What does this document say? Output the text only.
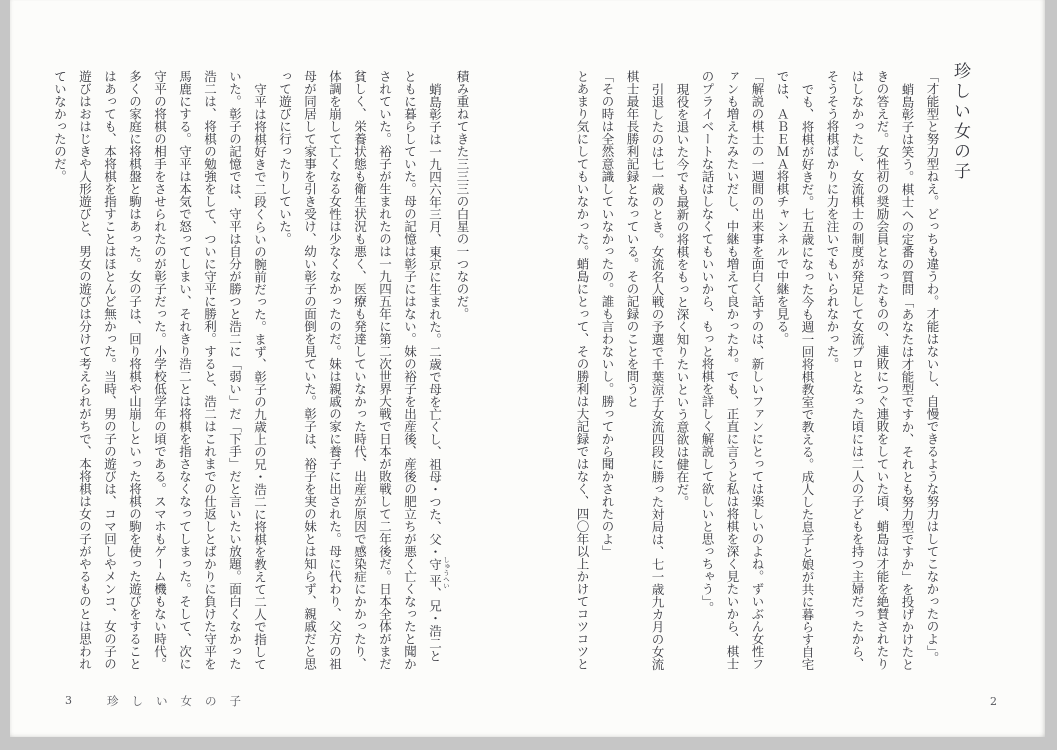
珍しい女の子

「才能型と努力型ねえ。どっちも違うわ。才能はないし、自慢できるような努力はしてこなかったのよ」。

蛸島彰子は笑う。棋士への定番の質問「あなたは才能型ですか、それとも努力型ですか」を投げかけたときの答えだ。女性初の奨励会員となったものの、連敗につぐ連敗をしていた頃、蛸島は才能を絶賛されたりはしなかったし、女流棋士の制度が発足して女流プロとなった頃には二人の子どもを持つ主婦だったから、そうそう将棋ばかりに力を注いでもいられなかった。

でも、将棋が好きだ。七五歳になった今も週一回将棋教室で教える。成人した息子と娘が共に暮らす自宅では、ＡＢＥＭＡ将棋チャンネルで中継を見る。

「解説の棋士の一週間の出来事を面白く話すのは、新しいファンにとっては楽しいのよね。ずいぶん女性ファンも増えたみたいだし、中継も増えて良かったわ。でも、正直に言うと私は将棋を深く見たいから、棋士のプライベートな話はしなくてもいいから、もっと将棋を詳しく解説して欲しいと思っちゃう」。

現役を退いた今でも最新の将棋をもっと深く知りたいという意欲は健在だ。

引退したのは七一歳のとき。女流名人戦の予選で千葉涼子女流四段に勝った対局は、七一歳九カ月の女流棋士最年長勝利記録となっている。その記録のことを問うと

「その時は全然意識していなかったの。誰も言わないし。勝ってから聞かされたのよ」

とあまり気にしてもいなかった。蛸島にとって、その勝利は大記録ではなく、四〇年以上かけてコツコツと

積み重ねてきた三三三の白星の一つなのだ。

蛸島彰子は一九四六年三月、東京に生まれた。二歳で母を亡くし、祖母・つた、父・守平 しゅうへい、兄・浩二とともに暮らしていた。母の記憶は彰子にはない。妹の裕子を出産後、産後の肥立ちが悪く亡くなったと聞かされていた。裕子が生まれたのは一九四五年に第二次世界大戦で日本が敗戦して二年後だ。日本全体がまだ貧しく、栄養状態も衛生状況も悪く、医療も発達していなかった時代、出産が原因で感染症にかかったり、体調を崩して亡くなる女性は少なくなかったのだ。妹は親戚の家に養子に出された。母に代わり、父方の祖母が同居して家事を引き受け、幼い彰子の面倒を見ていた。彰子は、裕子を実の妹とは知らず、親戚だと思って遊びに行ったりしていた。

守平は将棋好きで二段くらいの腕前だった。まず、彰子の九歳上の兄・浩二に将棋を教えて二人で指していた。彰子の記憶では、守平は自分が勝つと浩二に「弱い」だ「下手」だと言いたい放題。面白くなかった浩二は、将棋の勉強をして、ついに守平に勝利。すると、浩二はこれまでの仕返しとばかりに負けた守平を馬鹿にする。守平は本気で怒ってしまい、それきり浩二とは将棋を指さなくなってしまった。そして、次に守平の将棋の相手をさせられたのが彰子だった。小学校低学年の頃である。スマホもゲーム機もない時代。多くの家庭に将棋盤と駒はあった。女の子は、回り将棋や山崩しといった将棋の駒を使った遊びをすることはあっても、本将棋を指すことはほとんど無かった。当時、男の子の遊びは、コマ回しやメンコ、女の子の遊びはおはじきや人形遊びと、男女の遊びは分けて考えられがちで、本将棋は女の子がやるものとは思われていなかったのだ。

3	珍しい女の子	2
